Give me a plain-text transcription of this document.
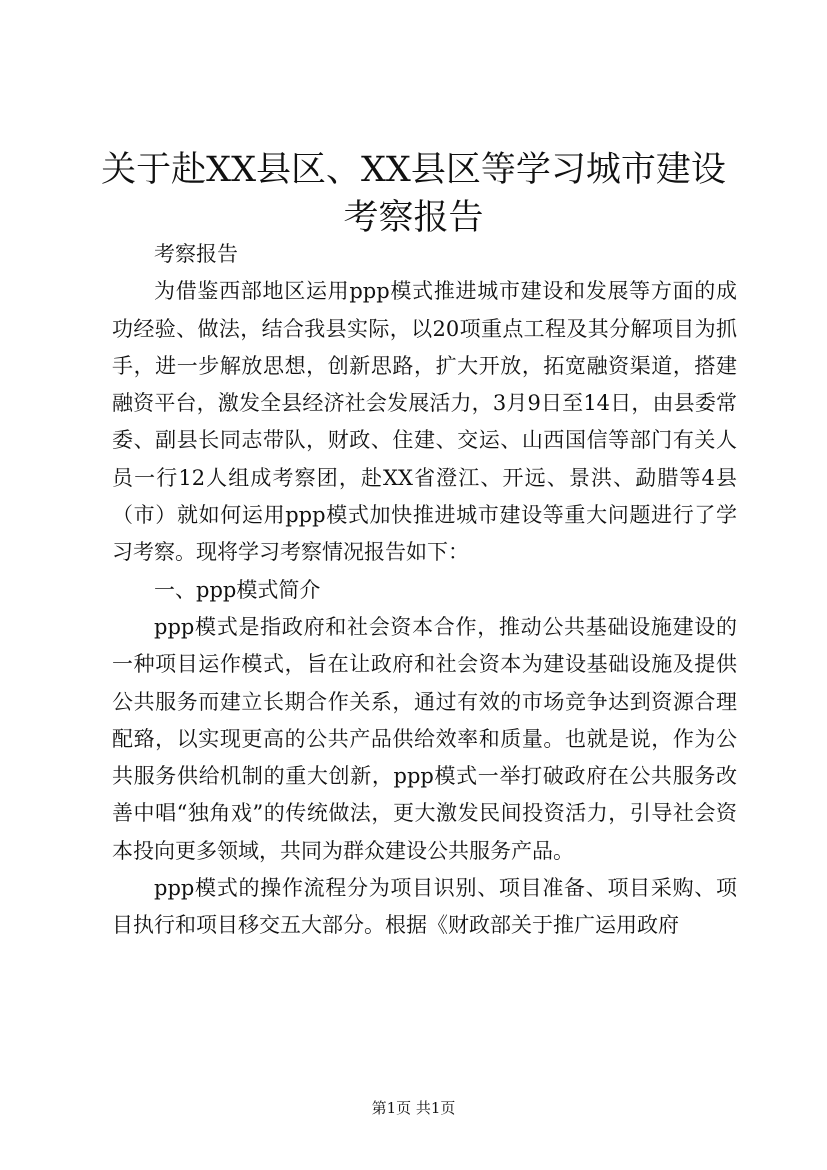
关于赴XX县区、XX县区等学习城市建设考察报告

考察报告

为借鉴西部地区运用ppp模式推进城市建设和发展等方面的成功经验、做法，结合我县实际，以20项重点工程及其分解项目为抓手，进一步解放思想，创新思路，扩大开放，拓宽融资渠道，搭建融资平台，激发全县经济社会发展活力，3月9日至14日，由县委常委、副县长同志带队，财政、住建、交运、山西国信等部门有关人员一行12人组成考察团，赴XX省澄江、开远、景洪、勐腊等4县（市）就如何运用ppp模式加快推进城市建设等重大问题进行了学习考察。现将学习考察情况报告如下：

一、ppp模式简介

ppp模式是指政府和社会资本合作，推动公共基础设施建设的一种项目运作模式，旨在让政府和社会资本为建设基础设施及提供公共服务而建立长期合作关系，通过有效的市场竞争达到资源合理配臵，以实现更高的公共产品供给效率和质量。也就是说，作为公共服务供给机制的重大创新，ppp模式一举打破政府在公共服务改善中唱“独角戏”的传统做法，更大激发民间投资活力，引导社会资本投向更多领域，共同为群众建设公共服务产品。

ppp模式的操作流程分为项目识别、项目准备、项目采购、项目执行和项目移交五大部分。根据《财政部关于推广运用政府

第1页 共1页
